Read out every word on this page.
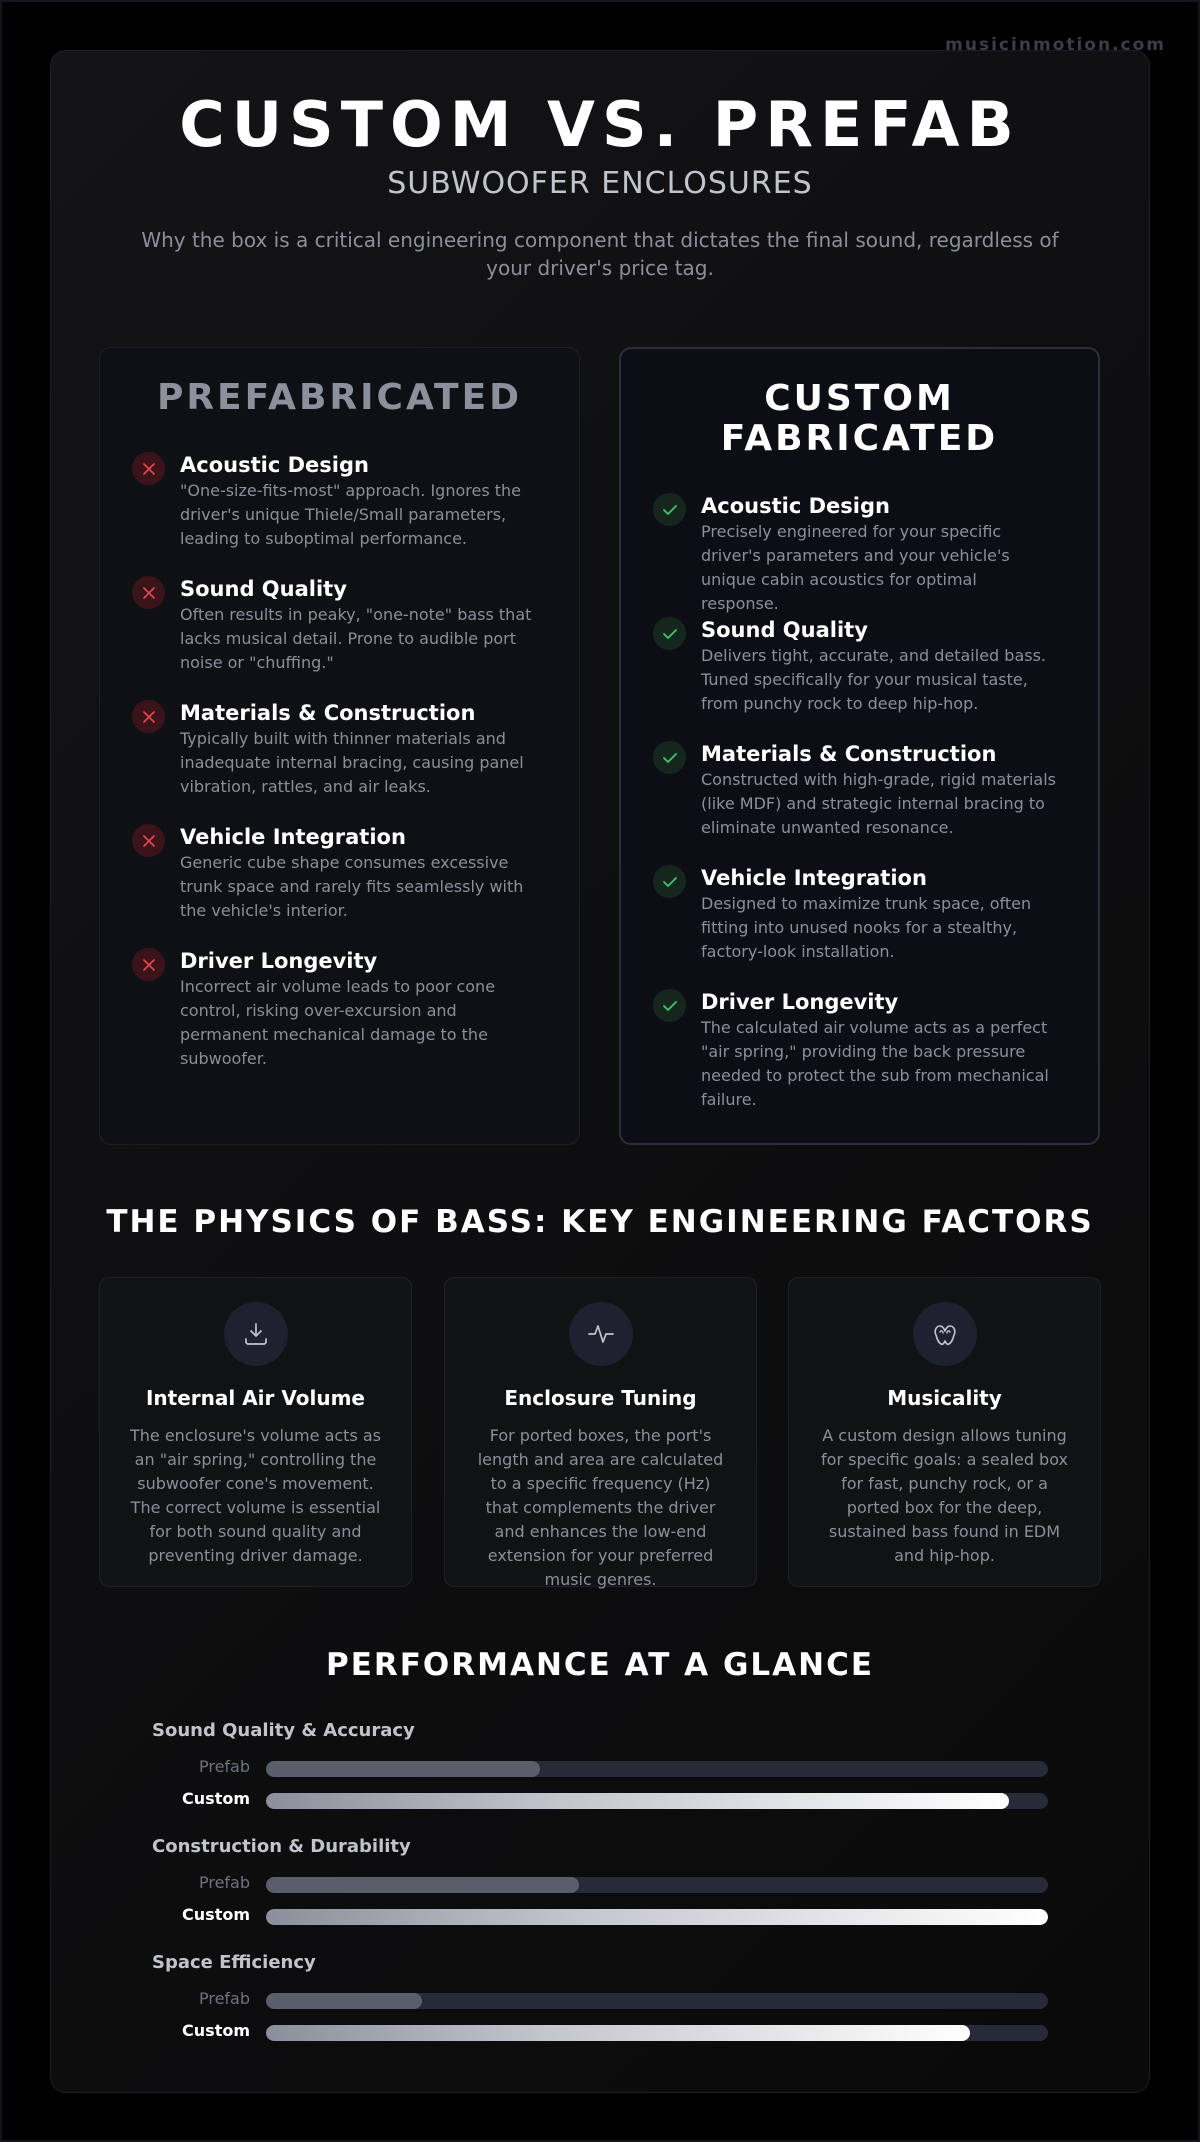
musicinmotion.com
CUSTOM VS. PREFAB
SUBWOOFER ENCLOSURES
Why the box is a critical engineering component that dictates the final sound, regardless of your driver's price tag.
PREFABRICATED
Acoustic Design

"One-size-fits-most" approach. Ignores the driver's unique Thiele/Small parameters, leading to suboptimal performance.

Sound Quality

Often results in peaky, "one-note" bass that lacks musical detail. Prone to audible port noise or "chuffing."

Materials & Construction

Typically built with thinner materials and inadequate internal bracing, causing panel vibration, rattles, and air leaks.

Vehicle Integration

Generic cube shape consumes excessive trunk space and rarely fits seamlessly with the vehicle's interior.

Driver Longevity

Incorrect air volume leads to poor cone control, risking over-excursion and permanent mechanical damage to the subwoofer.

CUSTOM
FABRICATED
Acoustic Design

Precisely engineered for your specific driver's parameters and your vehicle's unique cabin acoustics for optimal response.

Sound Quality

Delivers tight, accurate, and detailed bass. Tuned specifically for your musical taste, from punchy rock to deep hip-hop.

Materials & Construction

Constructed with high-grade, rigid materials (like MDF) and strategic internal bracing to eliminate unwanted resonance.

Vehicle Integration

Designed to maximize trunk space, often fitting into unused nooks for a stealthy, factory-look installation.

Driver Longevity

The calculated air volume acts as a perfect "air spring," providing the back pressure needed to protect the sub from mechanical failure.

THE PHYSICS OF BASS: KEY ENGINEERING FACTORS
Internal Air Volume

The enclosure's volume acts as an "air spring," controlling the subwoofer cone's movement. The correct volume is essential for both sound quality and preventing driver damage.

Enclosure Tuning

For ported boxes, the port's length and area are calculated to a specific frequency (Hz) that complements the driver and enhances the low-end extension for your preferred music genres.

Musicality

A custom design allows tuning for specific goals: a sealed box for fast, punchy rock, or a ported box for the deep, sustained bass found in EDM and hip-hop.

PERFORMANCE AT A GLANCE
Sound Quality & Accuracy
Prefab
Custom
Construction & Durability
Prefab
Custom
Space Efficiency
Prefab
Custom
